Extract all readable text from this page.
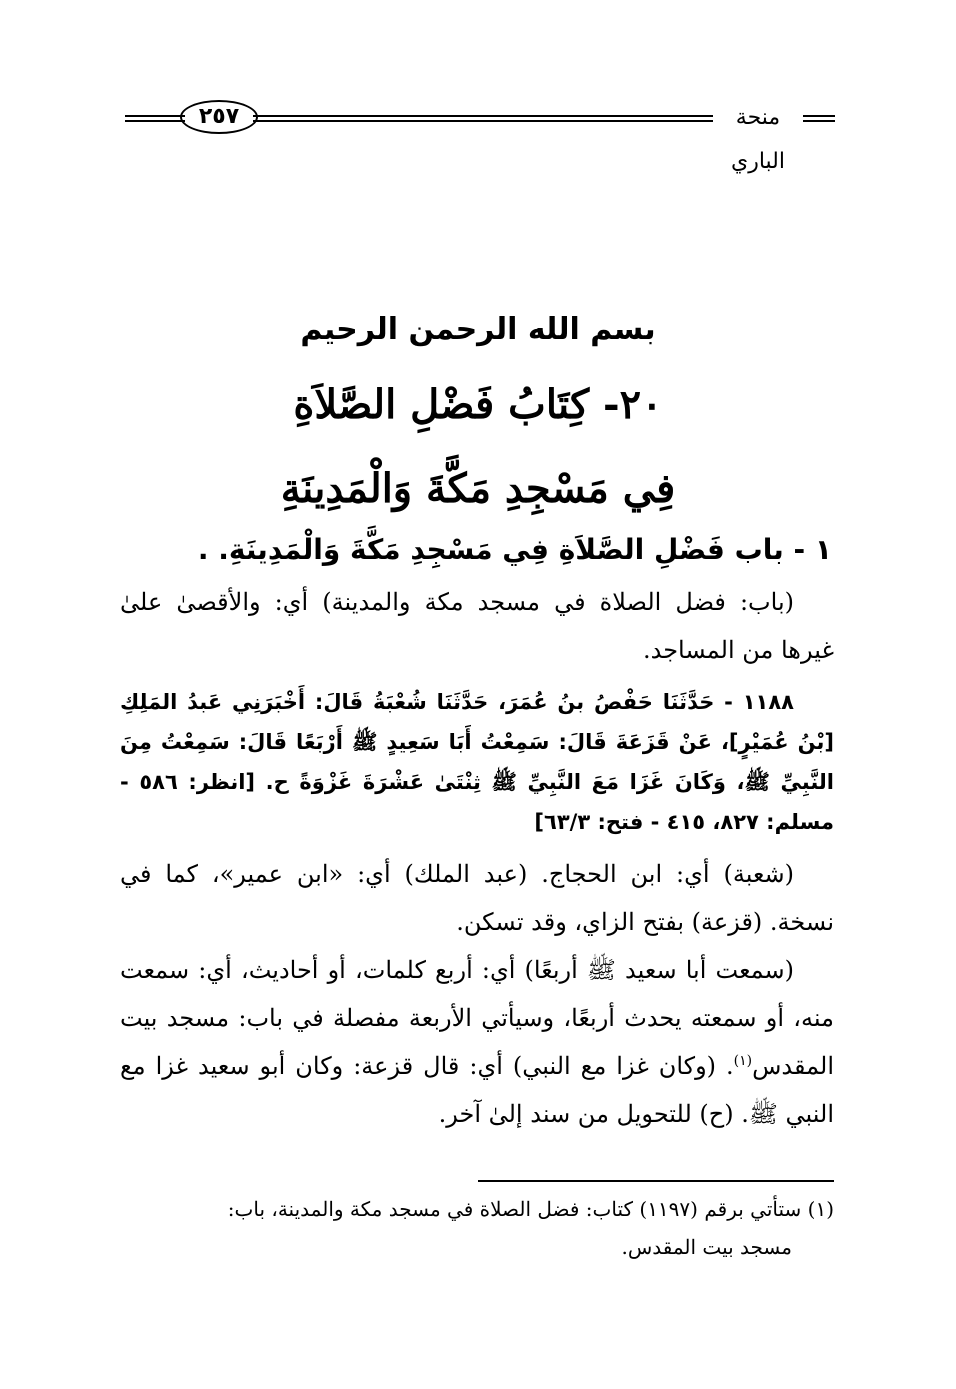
٢٥٧	منحة الباري
بسم الله الرحمن الرحيم
٢٠- كِتَابُ فَضْلِ الصَّلاَةِ
فِي مَسْجِدِ مَكَّةَ وَالْمَدِينَةِ
١ - باب فَضْلِ الصَّلاَةِ فِي مَسْجِدِ مَكَّةَ وَالْمَدِينَةِ. .

(باب: فضل الصلاة في مسجد مكة والمدينة) أي: والأقصىٰ علىٰ غيرها من المساجد.

١١٨٨ - حَدَّثَنَا حَفْصُ بنُ عُمَرَ، حَدَّثَنَا شُعْبَةُ قَالَ: أَخْبَرَنِي عَبدُ المَلِكِ [بْنُ عُمَيْرٍ]، عَنْ قَزَعَةَ قَالَ: سَمِعْتُ أَبَا سَعِيدٍ ﷺ أَرْبَعًا قَالَ: سَمِعْتُ مِنَ النَّبِيِّ ﷺ، وَكَانَ غَزَا مَعَ النَّبِيِّ ﷺ ثِنْتَىٰ عَشْرَةَ غَزْوَةً ح. [انظر: ٥٨٦ - مسلم: ٨٢٧، ٤١٥ - فتح: ٦٣/٣]

(شعبة) أي: ابن الحجاج. (عبد الملك) أي: «ابن عمير»، كما في نسخة. (قزعة) بفتح الزاي، وقد تسكن.

(سمعت أبا سعيد ﷺ أربعًا) أي: أربع كلمات، أو أحاديث، أي: سمعت منه، أو سمعته يحدث أربعًا، وسيأتي الأربعة مفصلة في باب: مسجد بيت المقدس$^{(١)}$. (وكان غزا مع النبي) أي: قال قزعة: وكان أبو سعيد غزا مع النبي ﷺ. (ح) للتحويل من سند إلىٰ آخر.

(١) ستأتي برقم (١١٩٧) كتاب: فضل الصلاة في مسجد مكة والمدينة، باب:

مسجد بيت المقدس.
